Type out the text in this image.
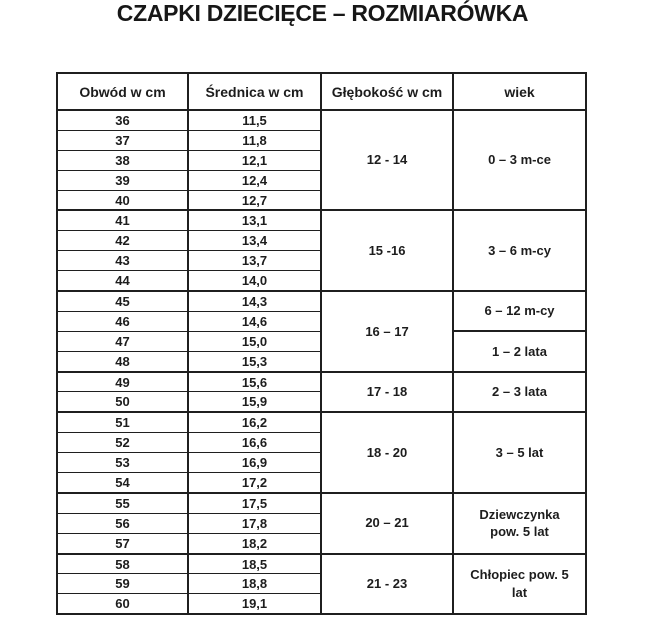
CZAPKI DZIECIĘCE – ROZMIARÓWKA
Obwód w cm	Średnica w cm	Głębokość w cm	wiek
36	11,5	12 - 14	0 – 3 m-ce
37	11,8		
38	12,1		
39	12,4		
40	12,7		
41	13,1	15 -16	3 – 6 m-cy
42	13,4		
43	13,7		
44	14,0		
45	14,3	16 – 17	6 – 12 m-cy
46	14,6		
47	15,0		1 – 2 lata
48	15,3		
49	15,6	17 - 18	2 – 3 lata
50	15,9		
51	16,2	18 - 20	3 – 5 lat
52	16,6		
53	16,9		
54	17,2		
55	17,5	20 – 21	Dziewczynka pow. 5 lat
56	17,8		
57	18,2		
58	18,5	21 - 23	Chłopiec pow. 5 lat
59	18,8		
60	19,1		
